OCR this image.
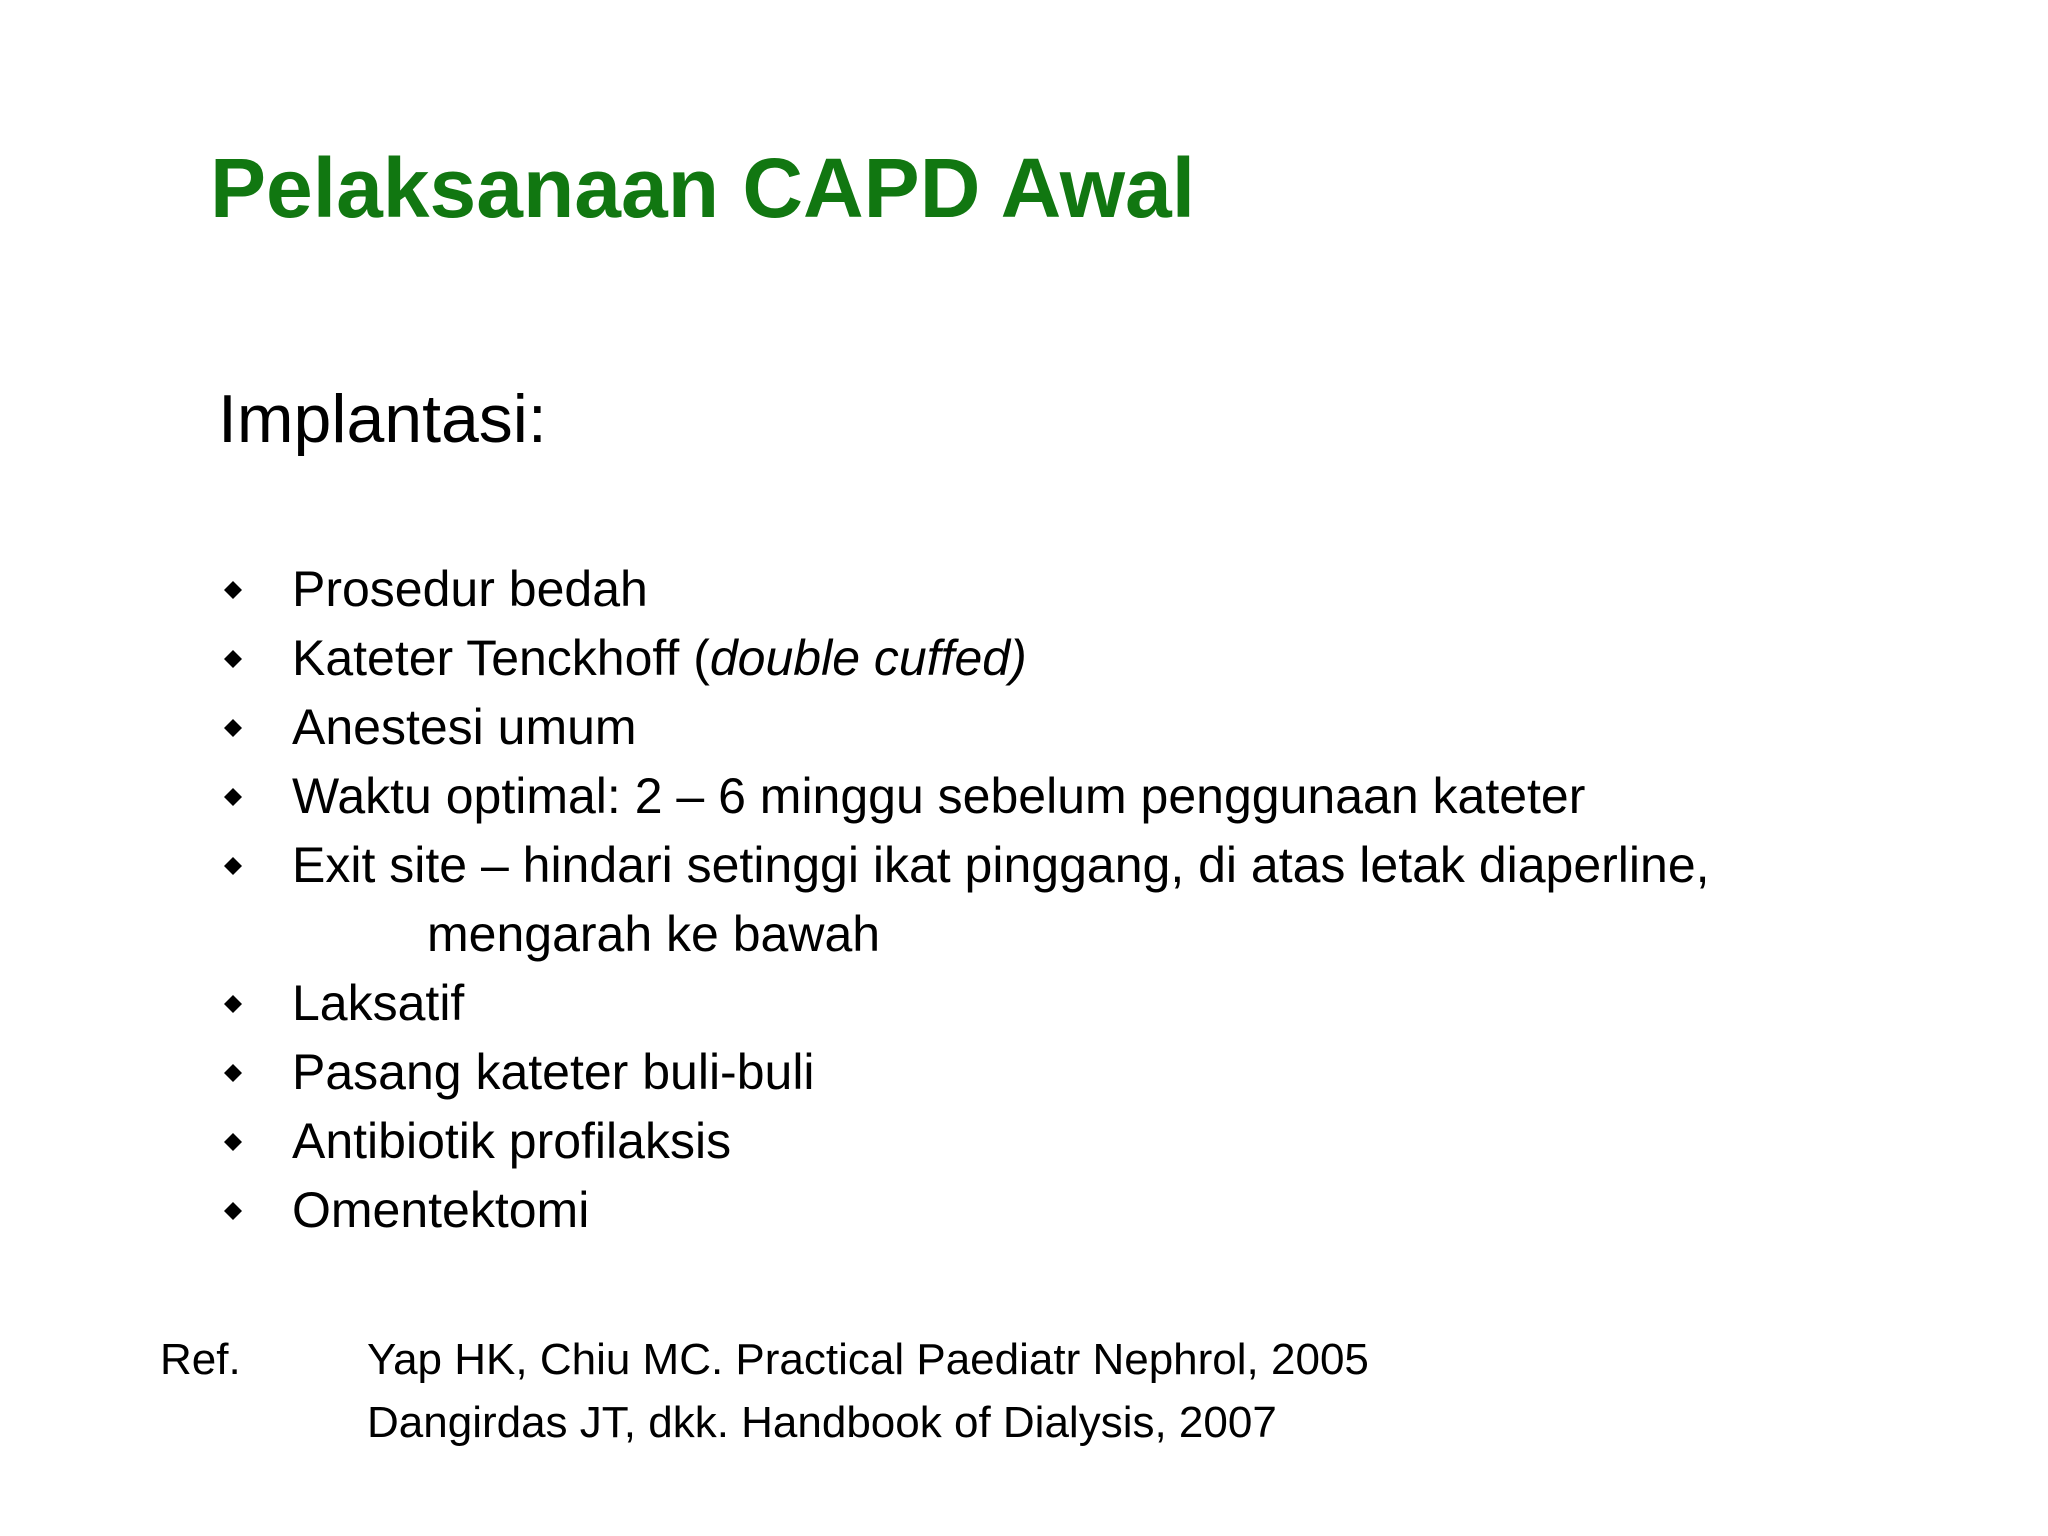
Pelaksanaan CAPD Awal
Implantasi:
Prosedur bedah
Kateter Tenckhoff (double cuffed)
Anestesi umum
Waktu optimal: 2 – 6 minggu sebelum penggunaan kateter
Exit site – hindari setinggi ikat pinggang, di atas letak diaperline,
mengarah ke bawah
Laksatif
Pasang kateter buli-buli
Antibiotik profilaksis
Omentektomi
Ref.	Yap HK, Chiu MC. Practical Paediatr Nephrol, 2005
Dangirdas JT, dkk. Handbook of Dialysis, 2007
